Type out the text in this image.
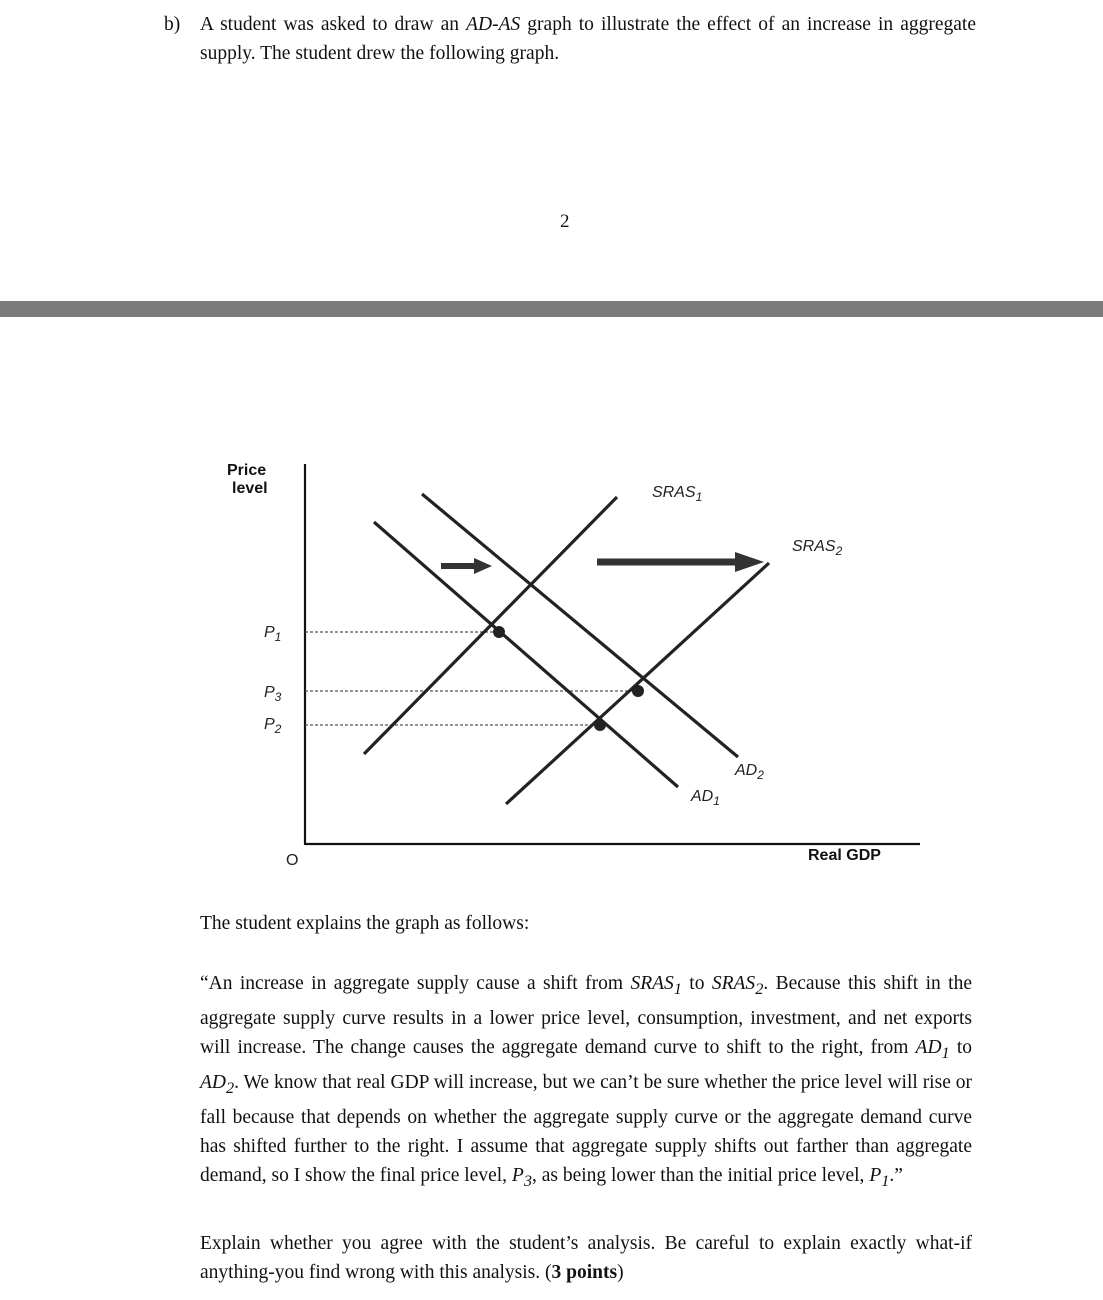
b) A student was asked to draw an AD-AS graph to illustrate the effect of an increase in aggregate supply. The student drew the following graph.
2
Price
level
$P_1$
$P_3$
$P_2$
O
$SRAS_1$
$SRAS_2$
$AD_2$
$AD_1$
Real GDP
The student explains the graph as follows:
“An increase in aggregate supply cause a shift from $SRAS_1$ to $SRAS_2$. Because this shift in the aggregate supply curve results in a lower price level, consumption, investment, and net exports will increase. The change causes the aggregate demand curve to shift to the right, from $AD_1$ to $AD_2$. We know that real GDP will increase, but we can’t be sure whether the price level will rise or fall because that depends on whether the aggregate supply curve or the aggregate demand curve has shifted further to the right. I assume that aggregate supply shifts out farther than aggregate demand, so I show the final price level, $P_3$, as being lower than the initial price level, $P_1$.”
Explain whether you agree with the student’s analysis. Be careful to explain exactly what-if anything-you find wrong with this analysis. (3 points)
